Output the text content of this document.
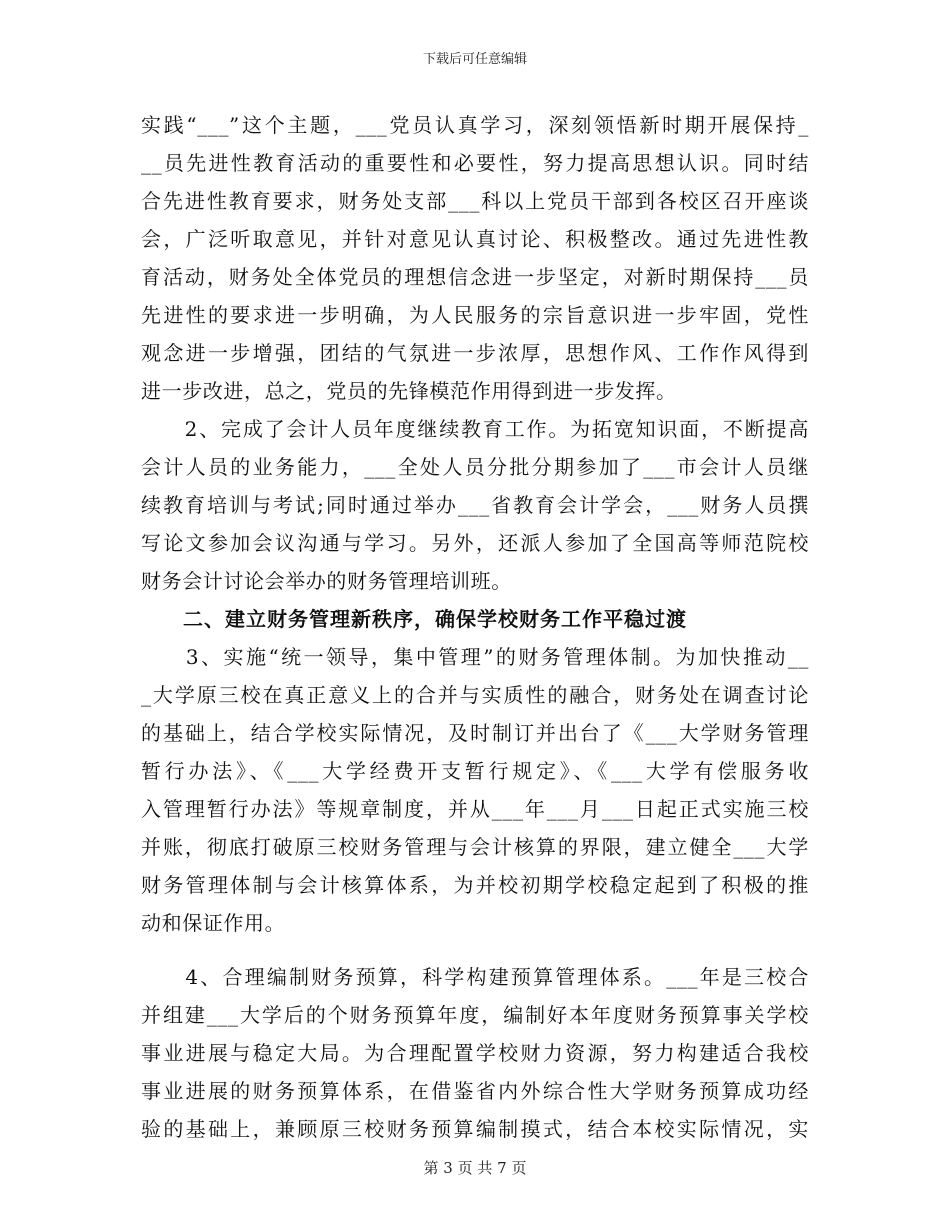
下载后可任意编辑
实践“___”这个主题，___党员认真学习，深刻领悟新时期开展保持_
__员先进性教育活动的重要性和必要性，努力提高思想认识。同时结
合先进性教育要求，财务处支部___科以上党员干部到各校区召开座谈
会，广泛听取意见，并针对意见认真讨论、积极整改。通过先进性教
育活动，财务处全体党员的理想信念进一步坚定，对新时期保持___员
先进性的要求进一步明确，为人民服务的宗旨意识进一步牢固，党性
观念进一步增强，团结的气氛进一步浓厚，思想作风、工作作风得到
进一步改进，总之，党员的先锋模范作用得到进一步发挥。
　　2、完成了会计人员年度继续教育工作。为拓宽知识面，不断提高
会计人员的业务能力，___全处人员分批分期参加了___市会计人员继
续教育培训与考试;同时通过举办___省教育会计学会，___财务人员撰
写论文参加会议沟通与学习。另外，还派人参加了全国高等师范院校
财务会计讨论会举办的财务管理培训班。
　　二、建立财务管理新秩序，确保学校财务工作平稳过渡
　　3、实施“统一领导，集中管理”的财务管理体制。为加快推动__
_大学原三校在真正意义上的合并与实质性的融合，财务处在调查讨论
的基础上，结合学校实际情况，及时制订并出台了《___大学财务管理
暂行办法》、《___大学经费开支暂行规定》、《___大学有偿服务收
入管理暂行办法》等规章制度，并从___年___月___日起正式实施三校
并账，彻底打破原三校财务管理与会计核算的界限，建立健全___大学
财务管理体制与会计核算体系，为并校初期学校稳定起到了积极的推
动和保证作用。
　　4、合理编制财务预算，科学构建预算管理体系。___年是三校合
并组建___大学后的个财务预算年度，编制好本年度财务预算事关学校
事业进展与稳定大局。为合理配置学校财力资源，努力构建适合我校
事业进展的财务预算体系，在借鉴省内外综合性大学财务预算成功经
验的基础上，兼顾原三校财务预算编制摸式，结合本校实际情况，实
第 3 页 共 7 页
